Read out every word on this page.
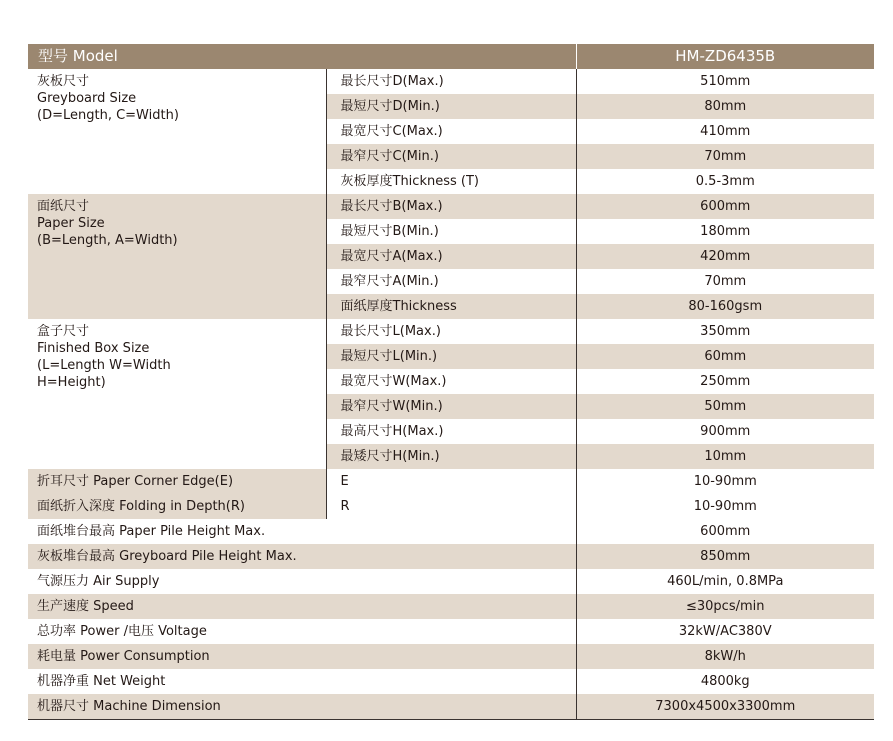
型号 Model		HM-ZD6435B

灰板尺寸
Greyboard Size
(D=Length, C=Width)	最长尺寸D(Max.)	510mm
	最短尺寸D(Min.)	80mm
	最宽尺寸C(Max.)	410mm
	最窄尺寸C(Min.)	70mm
	灰板厚度Thickness (T)	0.5-3mm

面纸尺寸
Paper Size
(B=Length, A=Width)	最长尺寸B(Max.)	600mm
	最短尺寸B(Min.)	180mm
	最宽尺寸A(Max.)	420mm
	最窄尺寸A(Min.)	70mm
	面纸厚度Thickness	80-160gsm

盒子尺寸
Finished Box Size
(L=Length W=Width
H=Height)	最长尺寸L(Max.)	350mm
	最短尺寸L(Min.)	60mm
	最宽尺寸W(Max.)	250mm
	最窄尺寸W(Min.)	50mm
	最高尺寸H(Max.)	900mm
	最矮尺寸H(Min.)	10mm
折耳尺寸 Paper Corner Edge(E)	E	10-90mm
面纸折入深度 Folding in Depth(R)	R	10-90mm
面纸堆台最高 Paper Pile Height Max.		600mm
灰板堆台最高 Greyboard Pile Height Max.		850mm
气源压力 Air Supply		460L/min, 0.8MPa
生产速度 Speed		≤30pcs/min
总功率 Power /电压 Voltage		32kW/AC380V
耗电量 Power Consumption		8kW/h
机器净重 Net Weight		4800kg
机器尺寸 Machine Dimension		7300x4500x3300mm
